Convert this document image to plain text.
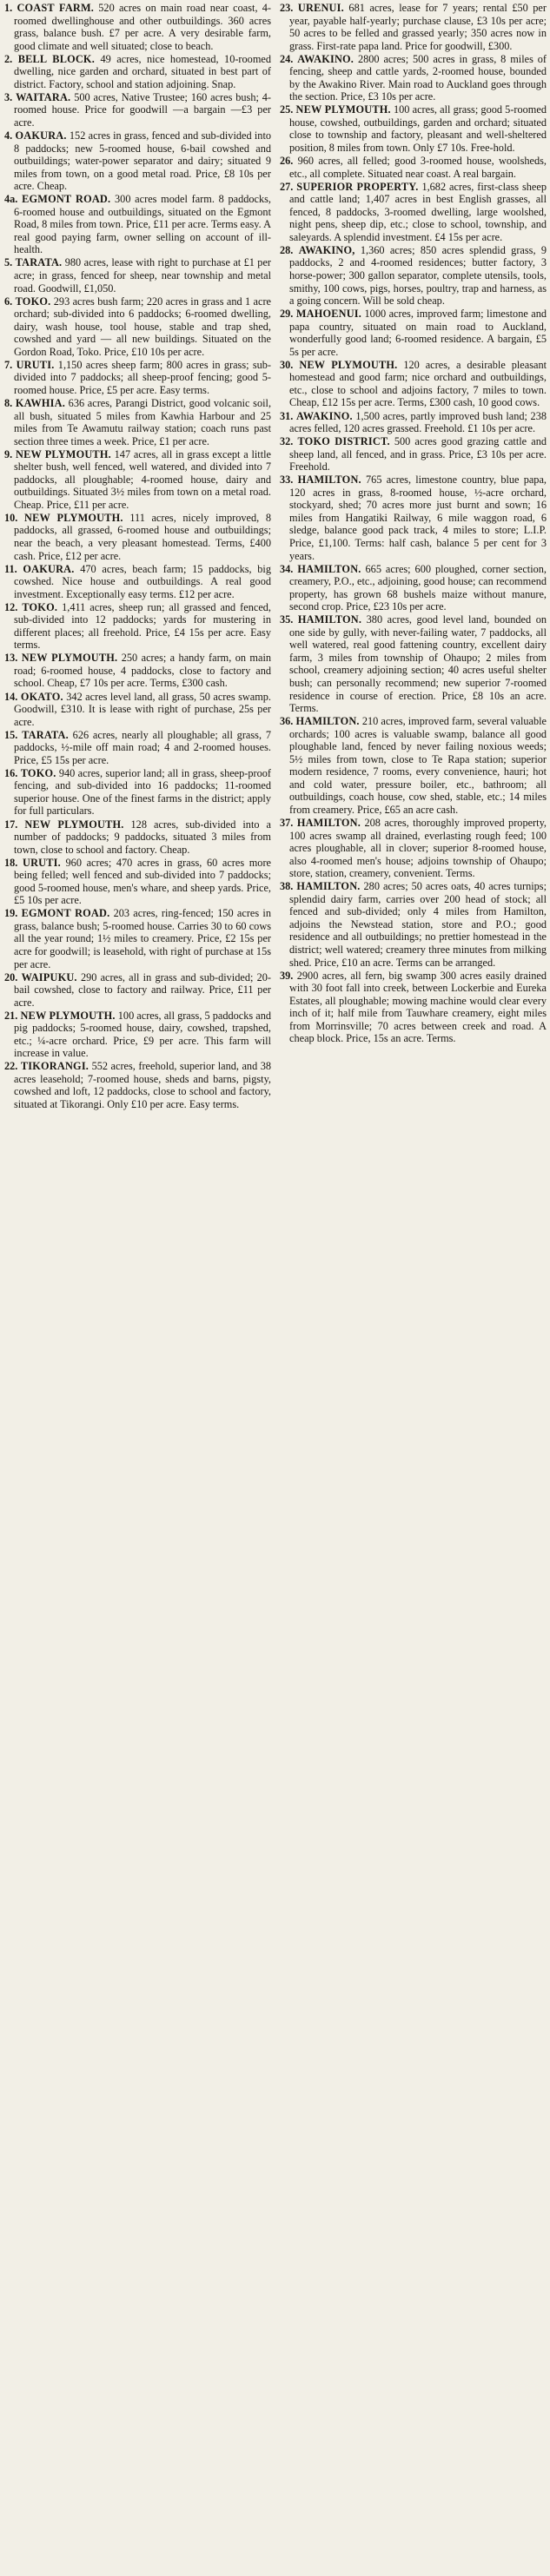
1. COAST FARM. 520 acres on main road near coast, 4-roomed dwellinghouse and other outbuildings. 360 acres grass, balance bush. £7 per acre. A very desirable farm, good climate and well situated; close to beach.

2. BELL BLOCK. 49 acres, nice homestead, 10-roomed dwelling, nice garden and orchard, situated in best part of district. Factory, school and station adjoining. Snap.

3. WAITARA. 500 acres, Native Trustee; 160 acres bush; 4-roomed house. Price for goodwill —a bargain —£3 per acre.

4. OAKURA. 152 acres in grass, fenced and sub-divided into 8 paddocks; new 5-roomed house, 6-bail cowshed and outbuildings; water-power separator and dairy; situated 9 miles from town, on a good metal road. Price, £8 10s per acre. Cheap.

4a. EGMONT ROAD. 300 acres model farm. 8 paddocks, 6-roomed house and outbuildings, situated on the Egmont Road, 8 miles from town. Price, £11 per acre. Terms easy. A real good paying farm, owner selling on account of ill-health.

5. TARATA. 980 acres, lease with right to purchase at £1 per acre; in grass, fenced for sheep, near township and metal road. Goodwill, £1,050.

6. TOKO. 293 acres bush farm; 220 acres in grass and 1 acre orchard; sub-divided into 6 paddocks; 6-roomed dwelling, dairy, wash house, tool house, stable and trap shed, cowshed and yard — all new buildings. Situated on the Gordon Road, Toko. Price, £10 10s per acre.

7. URUTI. 1,150 acres sheep farm; 800 acres in grass; sub-divided into 7 paddocks; all sheep-proof fencing; good 5-roomed house. Price, £5 per acre. Easy terms.

8. KAWHIA. 636 acres, Parangi District, good volcanic soil, all bush, situated 5 miles from Kawhia Harbour and 25 miles from Te Awamutu railway station; coach runs past section three times a week. Price, £1 per acre.

9. NEW PLYMOUTH. 147 acres, all in grass except a little shelter bush, well fenced, well watered, and divided into 7 paddocks, all ploughable; 4-roomed house, dairy and outbuildings. Situated 3½ miles from town on a metal road. Cheap. Price, £11 per acre.

10. NEW PLYMOUTH. 111 acres, nicely improved, 8 paddocks, all grassed, 6-roomed house and outbuildings; near the beach, a very pleasant homestead. Terms, £400 cash. Price, £12 per acre.

11. OAKURA. 470 acres, beach farm; 15 paddocks, big cowshed. Nice house and outbuildings. A real good investment. Exceptionally easy terms. £12 per acre.

12. TOKO. 1,411 acres, sheep run; all grassed and fenced, sub-divided into 12 paddocks; yards for mustering in different places; all freehold. Price, £4 15s per acre. Easy terms.

13. NEW PLYMOUTH. 250 acres; a handy farm, on main road; 6-roomed house, 4 paddocks, close to factory and school. Cheap, £7 10s per acre. Terms, £300 cash.

14. OKATO. 342 acres level land, all grass, 50 acres swamp. Goodwill, £310. It is lease with right of purchase, 25s per acre.

15. TARATA. 626 acres, nearly all ploughable; all grass, 7 paddocks, ½-mile off main road; 4 and 2-roomed houses. Price, £5 15s per acre.

16. TOKO. 940 acres, superior land; all in grass, sheep-proof fencing, and sub-divided into 16 paddocks; 11-roomed superior house. One of the finest farms in the district; apply for full particulars.

17. NEW PLYMOUTH. 128 acres, sub-divided into a number of paddocks; 9 paddocks, situated 3 miles from town, close to school and factory. Cheap.

18. URUTI. 960 acres; 470 acres in grass, 60 acres more being felled; well fenced and sub-divided into 7 paddocks; good 5-roomed house, men's whare, and sheep yards. Price, £5 10s per acre.

19. EGMONT ROAD. 203 acres, ring-fenced; 150 acres in grass, balance bush; 5-roomed house. Carries 30 to 60 cows all the year round; 1½ miles to creamery. Price, £2 15s per acre for goodwill; is leasehold, with right of purchase at 15s per acre.

20. WAIPUKU. 290 acres, all in grass and sub-divided; 20-bail cowshed, close to factory and railway. Price, £11 per acre.

21. NEW PLYMOUTH. 100 acres, all grass, 5 paddocks and pig paddocks; 5-roomed house, dairy, cowshed, trapshed, etc.; ¼-acre orchard. Price, £9 per acre. This farm will increase in value.

22. TIKORANGI. 552 acres, freehold, superior land, and 38 acres leasehold; 7-roomed house, sheds and barns, pigsty, cowshed and loft, 12 paddocks, close to school and factory, situated at Tikorangi. Only £10 per acre. Easy terms.

23. URENUI. 681 acres, lease for 7 years; rental £50 per year, payable half-yearly; purchase clause, £3 10s per acre; 50 acres to be felled and grassed yearly; 350 acres now in grass. First-rate papa land. Price for goodwill, £300.

24. AWAKINO. 2800 acres; 500 acres in grass, 8 miles of fencing, sheep and cattle yards, 2-roomed house, bounded by the Awakino River. Main road to Auckland goes through the section. Price, £3 10s per acre.

25. NEW PLYMOUTH. 100 acres, all grass; good 5-roomed house, cowshed, outbuildings, garden and orchard; situated close to township and factory, pleasant and well-sheltered position, 8 miles from town. Only £7 10s. Free-hold.

26. 960 acres, all felled; good 3-roomed house, woolsheds, etc., all complete. Situated near coast. A real bargain.

27. SUPERIOR PROPERTY. 1,682 acres, first-class sheep and cattle land; 1,407 acres in best English grasses, all fenced, 8 paddocks, 3-roomed dwelling, large woolshed, night pens, sheep dip, etc.; close to school, township, and saleyards. A splendid investment. £4 15s per acre.

28. AWAKINO, 1,360 acres; 850 acres splendid grass, 9 paddocks, 2 and 4-roomed residences; butter factory, 3 horse-power; 300 gallon separator, complete utensils, tools, smithy, 100 cows, pigs, horses, poultry, trap and harness, as a going concern. Will be sold cheap.

29. MAHOENUI. 1000 acres, improved farm; limestone and papa country, situated on main road to Auckland, wonderfully good land; 6-roomed residence. A bargain, £5 5s per acre.

30. NEW PLYMOUTH. 120 acres, a desirable pleasant homestead and good farm; nice orchard and outbuildings, etc., close to school and adjoins factory, 7 miles to town. Cheap, £12 15s per acre. Terms, £300 cash, 10 good cows.

31. AWAKINO. 1,500 acres, partly improved bush land; 238 acres felled, 120 acres grassed. Freehold. £1 10s per acre.

32. TOKO DISTRICT. 500 acres good grazing cattle and sheep land, all fenced, and in grass. Price, £3 10s per acre. Freehold.

33. HAMILTON. 765 acres, limestone country, blue papa, 120 acres in grass, 8-roomed house, ½-acre orchard, stockyard, shed; 70 acres more just burnt and sown; 16 miles from Hangatiki Railway, 6 mile waggon road, 6 sledge, balance good pack track, 4 miles to store; L.I.P. Price, £1,100. Terms: half cash, balance 5 per cent for 3 years.

34. HAMILTON. 665 acres; 600 ploughed, corner section, creamery, P.O., etc., adjoining, good house; can recommend property, has grown 68 bushels maize without manure, second crop. Price, £23 10s per acre.

35. HAMILTON. 380 acres, good level land, bounded on one side by gully, with never-failing water, 7 paddocks, all well watered, real good fattening country, excellent dairy farm, 3 miles from township of Ohaupo; 2 miles from school, creamery adjoining section; 40 acres useful shelter bush; can personally recommend; new superior 7-roomed residence in course of erection. Price, £8 10s an acre. Terms.

36. HAMILTON. 210 acres, improved farm, several valuable orchards; 100 acres is valuable swamp, balance all good ploughable land, fenced by never failing noxious weeds; 5½ miles from town, close to Te Rapa station; superior modern residence, 7 rooms, every convenience, hauri; hot and cold water, pressure boiler, etc., bathroom; all outbuildings, coach house, cow shed, stable, etc.; 14 miles from creamery. Price, £65 an acre cash.

37. HAMILTON. 208 acres, thoroughly improved property, 100 acres swamp all drained, everlasting rough feed; 100 acres ploughable, all in clover; superior 8-roomed house, also 4-roomed men's house; adjoins township of Ohaupo; store, station, creamery, convenient. Terms.

38. HAMILTON. 280 acres; 50 acres oats, 40 acres turnips; splendid dairy farm, carries over 200 head of stock; all fenced and sub-divided; only 4 miles from Hamilton, adjoins the Newstead station, store and P.O.; good residence and all outbuildings; no prettier homestead in the district; well watered; creamery three minutes from milking shed. Price, £10 an acre. Terms can be arranged.

39. 2900 acres, all fern, big swamp 300 acres easily drained with 30 foot fall into creek, between Lockerbie and Eureka Estates, all ploughable; mowing machine would clear every inch of it; half mile from Tauwhare creamery, eight miles from Morrinsville; 70 acres between creek and road. A cheap block. Price, 15s an acre. Terms.
